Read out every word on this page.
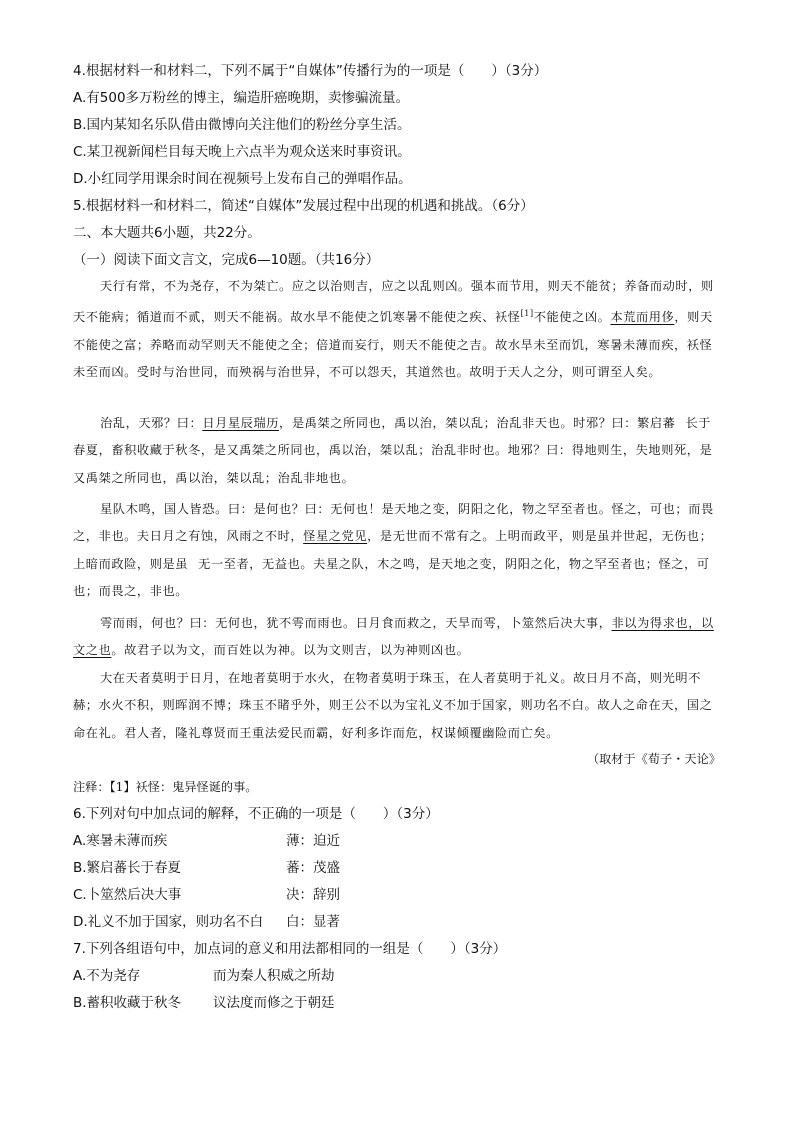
4.根据材料一和材料二，下列不属于“自媒体”传播行为的一项是（　　）（3分）
A.有500多万粉丝的博主，编造肝癌晚期，卖惨骗流量。
B.国内某知名乐队借由微博向关注他们的粉丝分享生活。
C.某卫视新闻栏目每天晚上六点半为观众送来时事资讯。
D.小红同学用课余时间在视频号上发布自己的弹唱作品。
5.根据材料一和材料二，简述“自媒体”发展过程中出现的机遇和挑战。（6分）
二、本大题共6小题，共22分。
（一）阅读下面文言文，完成6—10题。（共16分）
天行有常，不为尧存，不为桀亡。应之以治则吉，应之以乱则凶。强本而节用，则天不能贫；养备而动时，则天不能病；循道而不贰，则天不能祸。故水旱不能使之饥寒暑不能使之疾、袄怪[1]不能使之凶。本荒而用侈，则天不能使之富；养略而动罕则天不能使之全；倍道而妄行，则天不能使之吉。故水旱未至而饥，寒暑未薄而疾，袄怪未至而凶。受时与治世同，而殃祸与治世异，不可以怨天，其道然也。故明于天人之分，则可谓至人矣。
治乱，天邪？曰：日月星辰瑞历，是禹桀之所同也，禹以治，桀以乱；治乱非天也。时邪？曰：繁启蕃 长于春夏，畜积收藏于秋冬，是又禹桀之所同也，禹以治，桀以乱；治乱非时也。地邪？曰：得地则生，失地则死，是又禹桀之所同也，禹以治，桀以乱；治乱非地也。
星队木鸣，国人皆恐。曰：是何也？曰：无何也！是天地之变，阴阳之化，物之罕至者也。怪之，可也；而畏之，非也。夫日月之有蚀，风雨之不时，怪星之党见，是无世而不常有之。上明而政平，则是虽并世起，无伤也；上暗而政险，则是虽 无一至者，无益也。夫星之队，木之鸣，是天地之变，阴阳之化，物之罕至者也；怪之，可也；而畏之，非也。
雩而雨，何也？曰：无何也，犹不雩而雨也。日月食而救之，天旱而雩，卜筮然后决大事，非以为得求也，以文之也。故君子以为文，而百姓以为神。以为文则吉，以为神则凶也。
大在天者莫明于日月，在地者莫明于水火，在物者莫明于珠玉，在人者莫明于礼义。故日月不高，则光明不赫；水火不积，则晖润不博；珠玉不睹乎外，则王公不以为宝礼义不加于国家，则功名不白。故人之命在天，国之命在礼。君人者，隆礼尊贤而王重法爱民而霸，好利多诈而危，权谋倾覆幽险而亡矣。
（取材于《荀子・天论》
注释：【1】袄怪：鬼异怪诞的事。
6.下列对句中加点词的解释，不正确的一项是（　　）（3分）
A.寒暑未薄而疾	薄：迫近
B.繁启蕃长于春夏	蕃：茂盛
C.卜筮然后决大事	决：辞别
D.礼义不加于国家，则功名不白 白：显著
7.下列各组语句中，加点词的意义和用法都相同的一组是（　　）（3分）
A.不为尧存	而为秦人积威之所劫
B.蓄积收藏于秋冬 议法度而修之于朝廷
